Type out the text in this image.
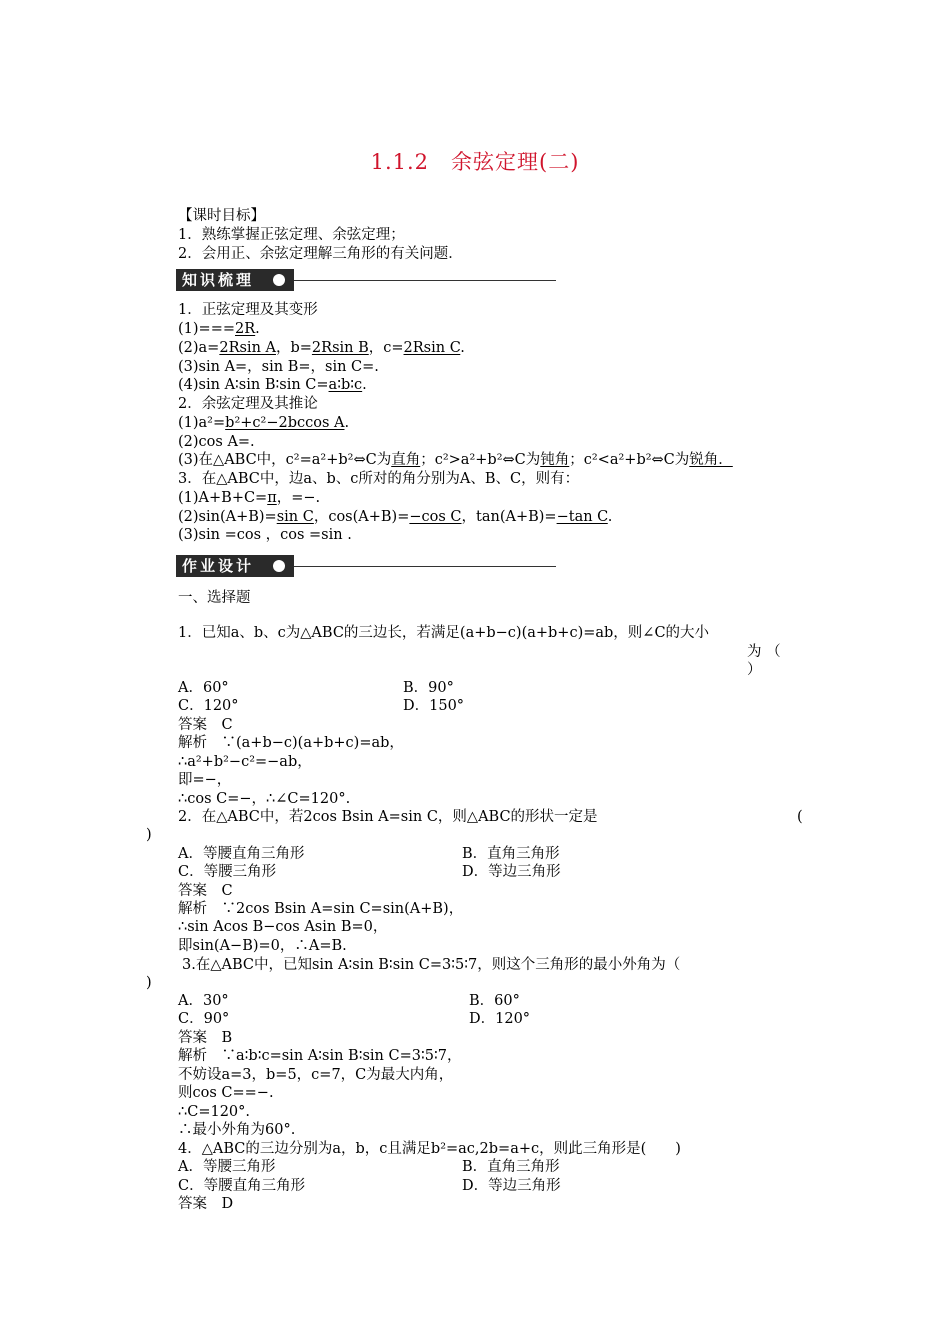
1.1.2　余弦定理(二)
【课时目标】
1．熟练掌握正弦定理、余弦定理；
2．会用正、余弦定理解三角形的有关问题．
知识梳理
1．正弦定理及其变形
(1)===2R.
(2)a=2Rsin A，b=2Rsin B，c=2Rsin C.
(3)sin A=，sin B=，sin C=.
(4)sin A∶sin B∶sin C=a∶b∶c.
2．余弦定理及其推论
(1)a²=b²+c²−2bccos A.
(2)cos A=.
(3)在△ABC中，c²=a²+b²⇔C为直角；c²>a²+b²⇔C为钝角；c²<a²+b²⇔C为锐角．
3．在△ABC中，边a、b、c所对的角分别为A、B、C，则有：
(1)A+B+C=π，=−.
(2)sin(A+B)=sin C，cos(A+B)=−cos C，tan(A+B)=−tan C.
(3)sin =cos ，cos =sin .
作业设计
一、选择题
1．已知a、b、c为△ABC的三边长，若满足(a+b−c)(a+b+c)=ab，则∠C的大小
为 （
）
A．60°	B．90°
C．120°	D．150°
答案　C
解析　∵(a+b−c)(a+b+c)=ab，
∴a²+b²−c²=−ab，
即=−，
∴cos C=−，∴∠C=120°.
2．在△ABC中，若2cos Bsin A=sin C，则△ABC的形状一定是	(
)
A．等腰直角三角形	B．直角三角形
C．等腰三角形	D．等边三角形
答案　C
解析　∵2cos Bsin A=sin C=sin(A+B)，
∴sin Acos B−cos Asin B=0，
即sin(A−B)=0，∴A=B.
3.在△ABC中，已知sin A∶sin B∶sin C=3∶5∶7，则这个三角形的最小外角为（
)
A．30°	B．60°
C．90°	D．120°
答案　B
解析　∵a∶b∶c=sin A∶sin B∶sin C=3∶5∶7，
不妨设a=3，b=5，c=7，C为最大内角，
则cos C==−.
∴C=120°.
∴最小外角为60°.
4．△ABC的三边分别为a，b，c且满足b²=ac,2b=a+c，则此三角形是(　　)
A．等腰三角形	B．直角三角形
C．等腰直角三角形	D．等边三角形
答案　D
